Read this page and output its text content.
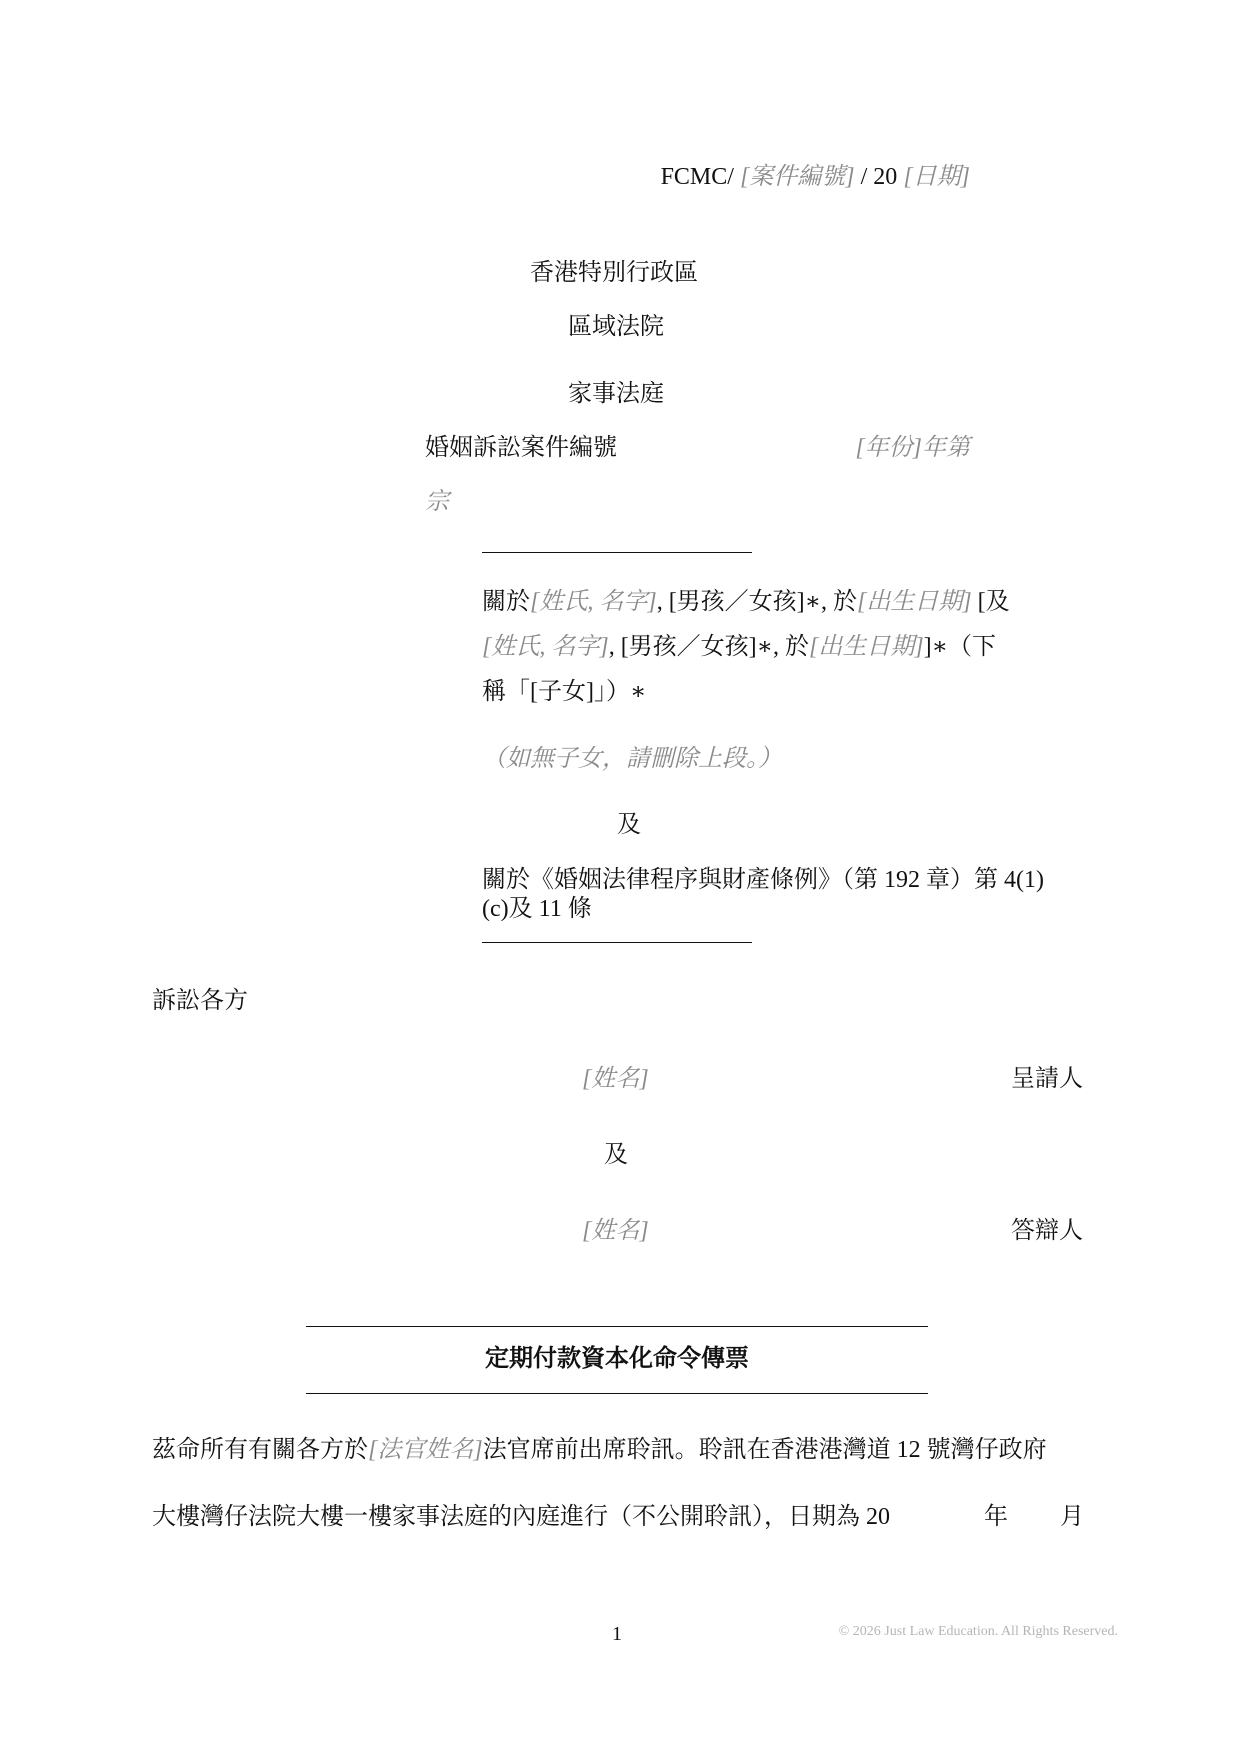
FCMC/ [案件編號] / 20 [日期]
香港特別行政區
區域法院
家事法庭
婚姻訴訟案件編號	[年份]年第
宗
關於[姓氏, 名字], [男孩／女孩]∗, 於[出生日期] [及
[姓氏, 名字], [男孩／女孩]∗, 於[出生日期]]∗（下
稱「[子女]」）∗
（如無子女，請刪除上段。）
及
關於《婚姻法律程序與財產條例》（第 192 章）第 4(1)
(c)及 11 條
訴訟各方
[姓名]	呈請人
及
[姓名]	答辯人
定期付款資本化命令傳票
茲命所有有關各方於[法官姓名]法官席前出席聆訊。聆訊在香港港灣道 12 號灣仔政府
大樓灣仔法院大樓一樓家事法庭的內庭進行（不公開聆訊），日期為 20	年 月
1	© 2026 Just Law Education. All Rights Reserved.
